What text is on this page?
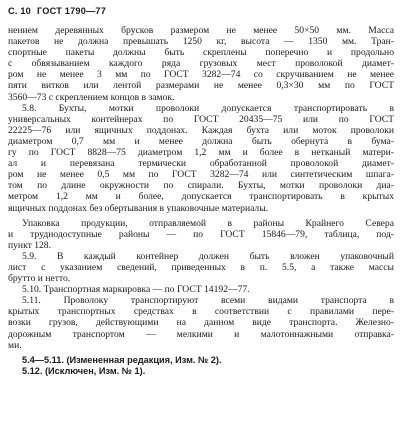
С. 10 ГОСТ 1790—77
нением деревянных брусков размером не менее 50×50 мм. Масса
пакетов не должна превышать 1250 кг, высота — 1350 мм. Тран-
спортные пакеты должны быть скреплены поперечно и продольно
с обвязыванием каждого ряда грузовых мест проволокой диамет-
ром не менее 3 мм по ГОСТ 3282—74 со скручиванием не менее
пяти витков или лентой размерами не менее 0,3×30 мм по ГОСТ
3560—73 с скреплением концов в замок.
5.8. Бухты, мотки проволоки допускается транспортировать в
универсальных контейнерах по ГОСТ 20435—75 или по ГОСТ
22225—76 или ящичных поддонах. Каждая бухта или моток проволоки
диаметром 0,7 мм и менее должна быть обернута в бума-
гу по ГОСТ 8828—75 диаметром 1,2 мм и более в нетканый матери-
ал и перевязана термически обработанной проволокой диамет-
ром не менее 0,5 мм по ГОСТ 3282—74 или синтетическим шпага-
том по длине окружности по спирали. Бухты, мотки проволоки диа-
метром 1,2 мм и более, допускается транспортировать в крытых
ящичных поддонах без обертывания в упаковочные материалы.
Упаковка продукции, отправляемой в районы Крайнего Севера
и труднодоступные районы — по ГОСТ 15846—79, таблица, под-
пункт 128.
5.9. В каждый контейнер должен быть вложен упаковочный
лист с указанием сведений, приведенных в п. 5.5, а также массы
брутто и нетто.
5.10. Транспортная маркировка — по ГОСТ 14192—77.
5.11. Проволоку транспортируют всеми видами транспорта в
крытых транспортных средствах в соответствии с правилами пере-
возки грузов, действующими на данном виде транспорта. Железно-
дорожным транспортом — мелкими и малотоннажными отправка-
ми.
5.4—5.11. (Измененная редакция, Изм. № 2).
5.12. (Исключен, Изм. № 1).
